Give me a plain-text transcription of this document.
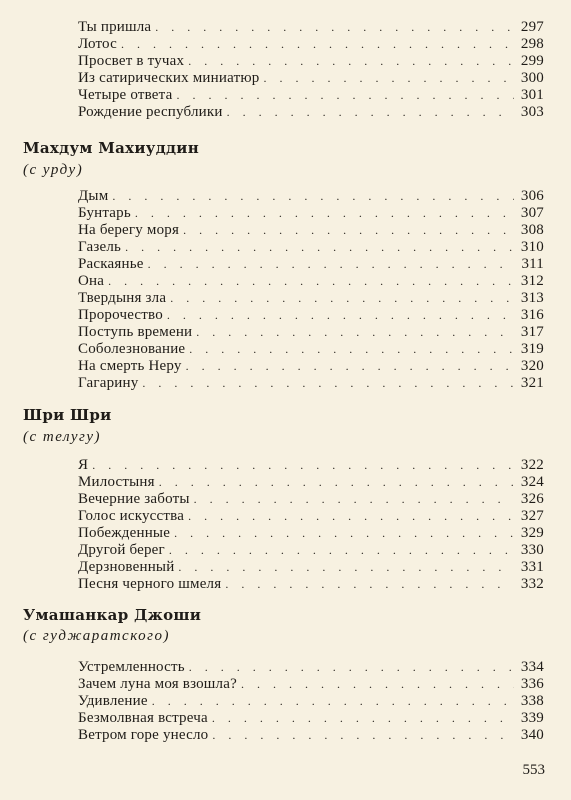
Ты пришла . . .	297
Лотос . . .	298
Просвет в тучах . . .	299
Из сатирических миниатюр . . .	300
Четыре ответа . . .	301
Рождение республики . . .	303
Махдум Махиуддин
(с урду)
Дым . . .	306
Бунтарь . . .	307
На берегу моря . . .	308
Газель . . .	310
Раскаянье . . .	311
Она . . .	312
Твердыня зла . . .	313
Пророчество . . .	316
Поступь времени . . .	317
Соболезнование . . .	319
На смерть Неру . . .	320
Гагарину . . .	321
Шри Шри
(с телугу)
Я . . .	322
Милостыня . . .	324
Вечерние заботы . . .	326
Голос искусства . . .	327
Побежденные . . .	329
Другой берег . . .	330
Дерзновенный . . .	331
Песня черного шмеля . . .	332
Умашанкар Джоши
(с гуджаратского)
Устремленность . . .	334
Зачем луна моя взошла? . . .	336
Удивление . . .	338
Безмолвная встреча . . .	339
Ветром горе унесло . . .	340
553
